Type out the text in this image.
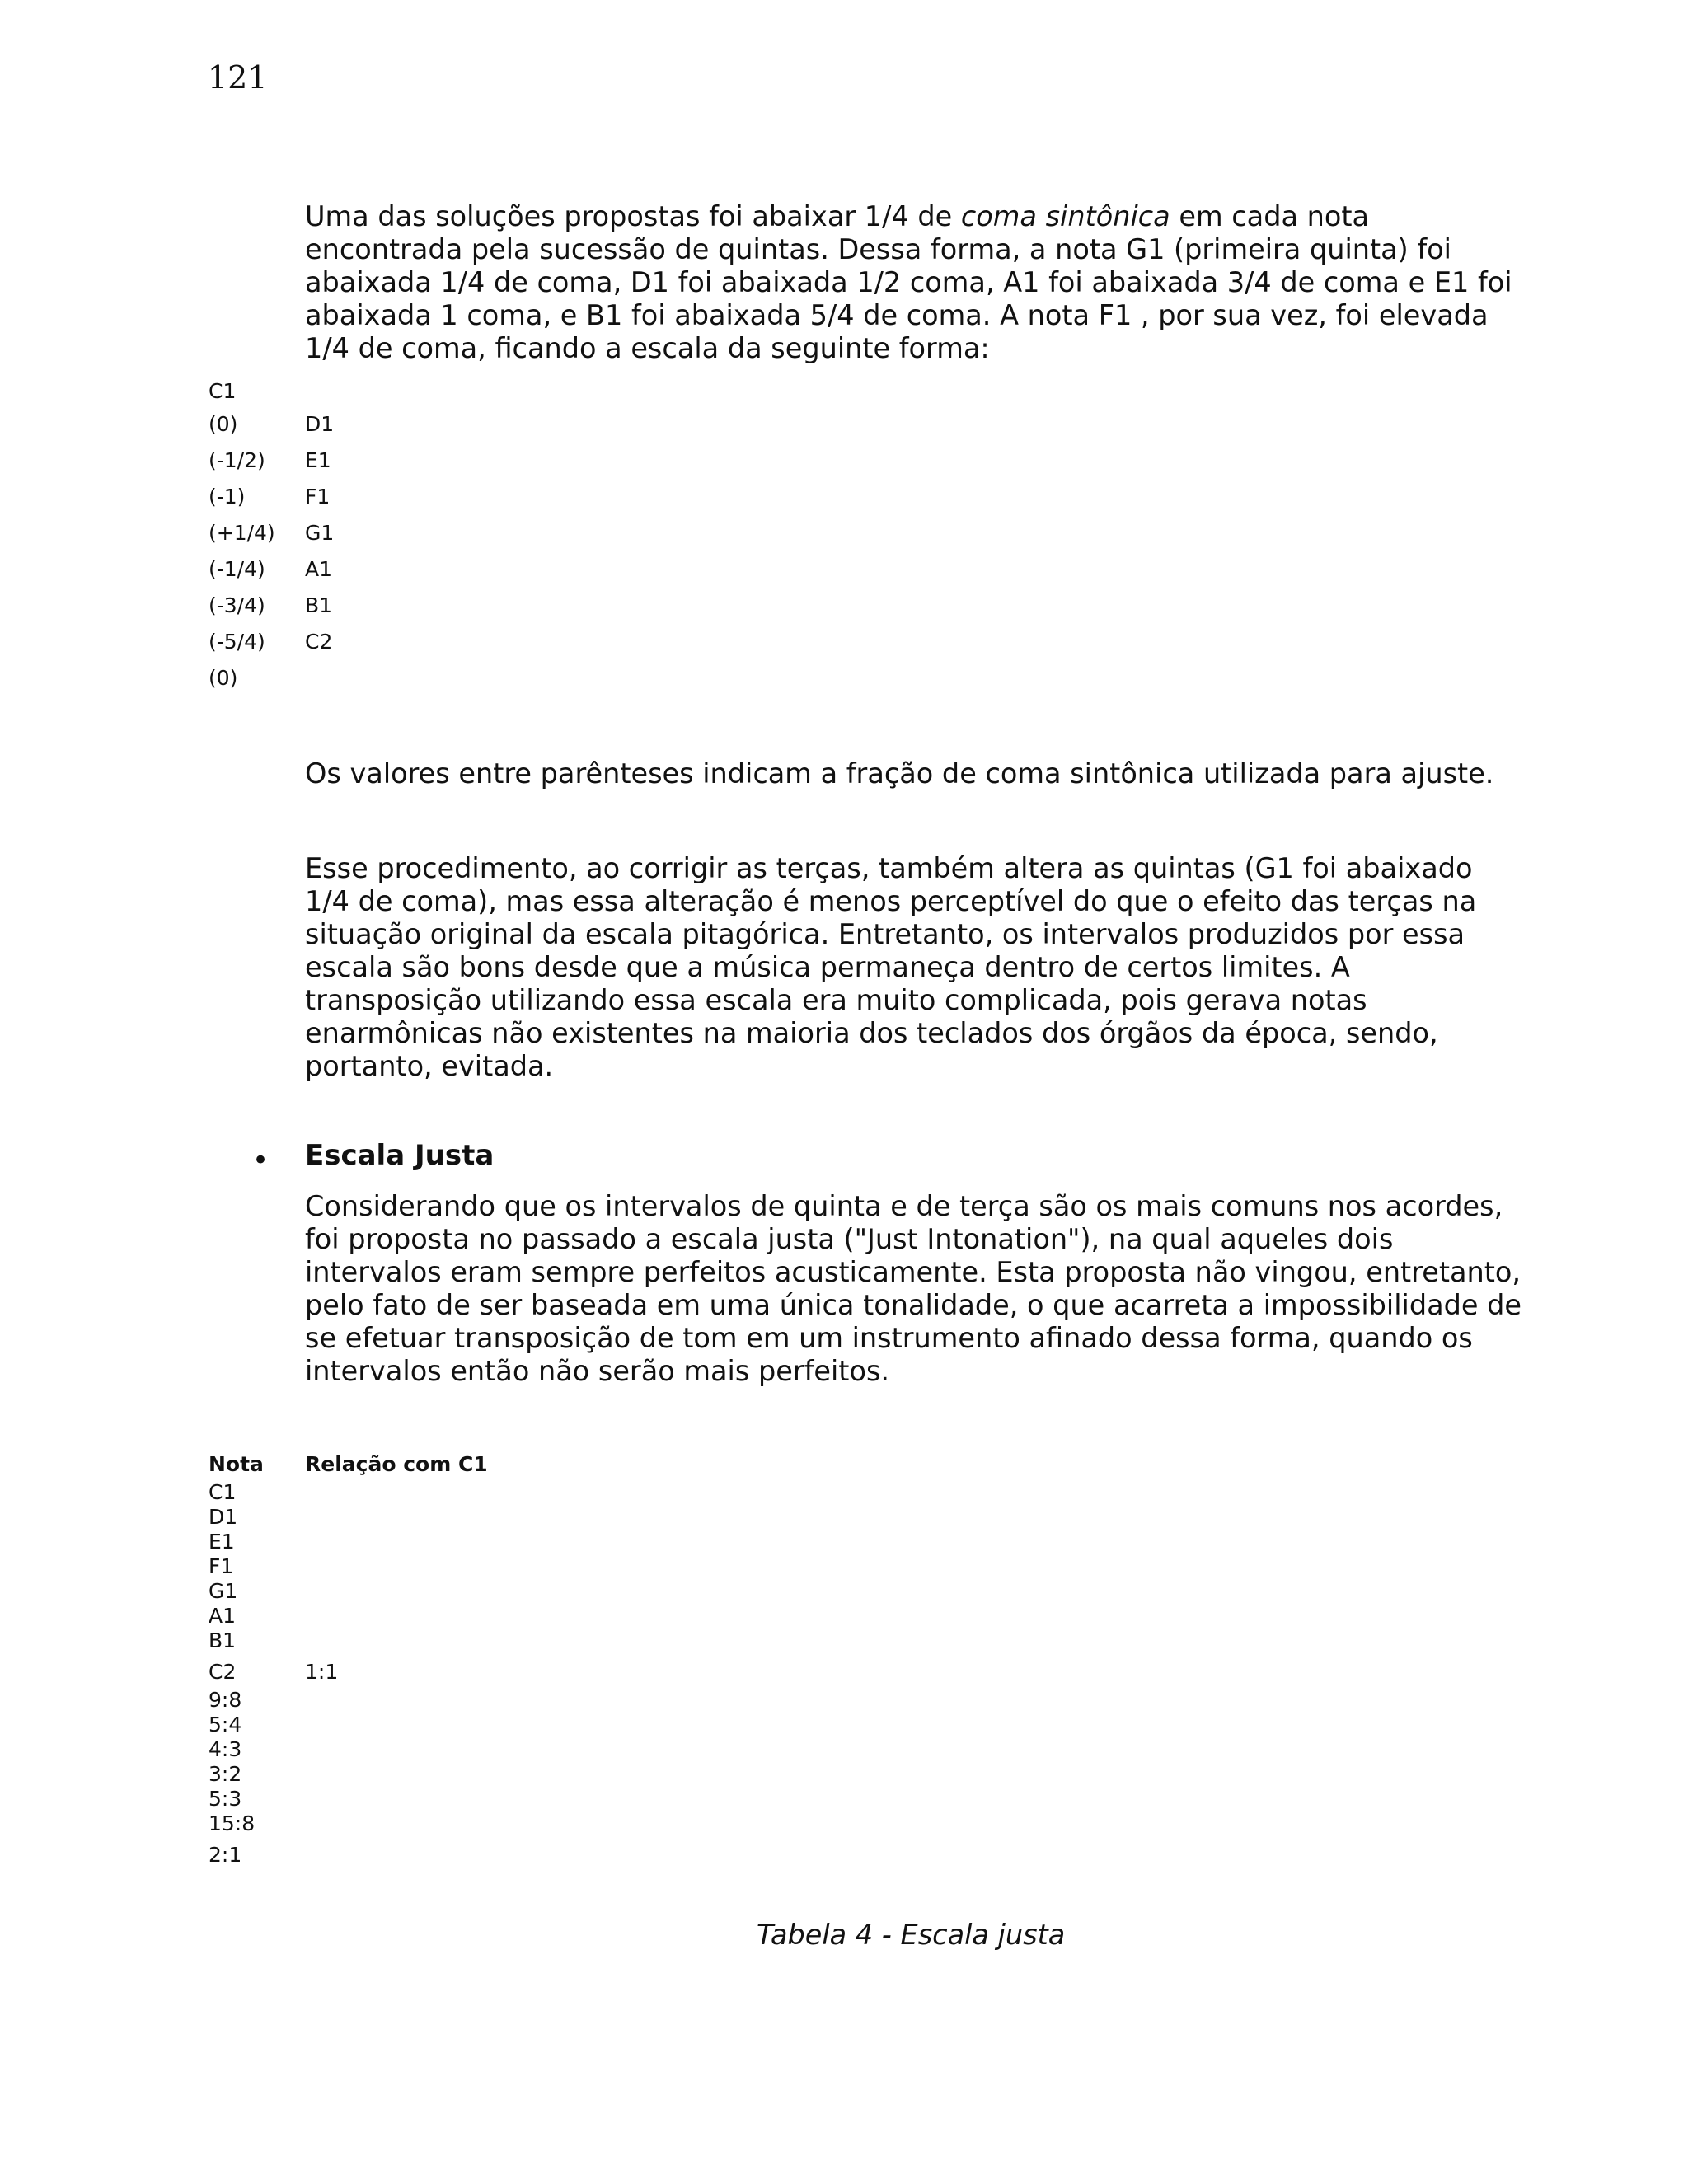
121

Uma das soluções propostas foi abaixar 1/4 de coma sintônica em cada nota encontrada pela sucessão de quintas. Dessa forma, a nota G1 (primeira quinta) foi abaixada 1/4 de coma, D1 foi abaixada 1/2 coma, A1 foi abaixada 3/4 de coma e E1 foi abaixada 1 coma, e B1 foi abaixada 5/4 de coma. A nota F1 , por sua vez, foi elevada 1/4 de coma, ficando a escala da seguinte forma:

C1
(0)
(-1/2)
(-1)
(+1/4)
(-1/4)
(-3/4)
(-5/4)
(0)
D1
E1
F1
G1
A1
B1
C2

Os valores entre parênteses indicam a fração de coma sintônica utilizada para ajuste.

Esse procedimento, ao corrigir as terças, também altera as quintas (G1 foi abaixado 1/4 de coma), mas essa alteração é menos perceptível do que o efeito das terças na situação original da escala pitagórica. Entretanto, os intervalos produzidos por essa escala são bons desde que a música permaneça dentro de certos limites. A transposição utilizando essa escala era muito complicada, pois gerava notas enarmônicas não existentes na maioria dos teclados dos órgãos da época, sendo, portanto, evitada.

• Escala Justa

Considerando que os intervalos de quinta e de terça são os mais comuns nos acordes, foi proposta no passado a escala justa ("Just Intonation"), na qual aqueles dois intervalos eram sempre perfeitos acusticamente. Esta proposta não vingou, entretanto, pelo fato de ser baseada em uma única tonalidade, o que acarreta a impossibilidade de se efetuar transposição de tom em um instrumento afinado dessa forma, quando os intervalos então não serão mais perfeitos.

Nota Relação com C1
C1
D1
E1
F1
G1
A1
B1
C2
9:8
5:4
4:3
3:2
5:3
15:8
2:1
1:1
Tabela 4 - Escala justa
